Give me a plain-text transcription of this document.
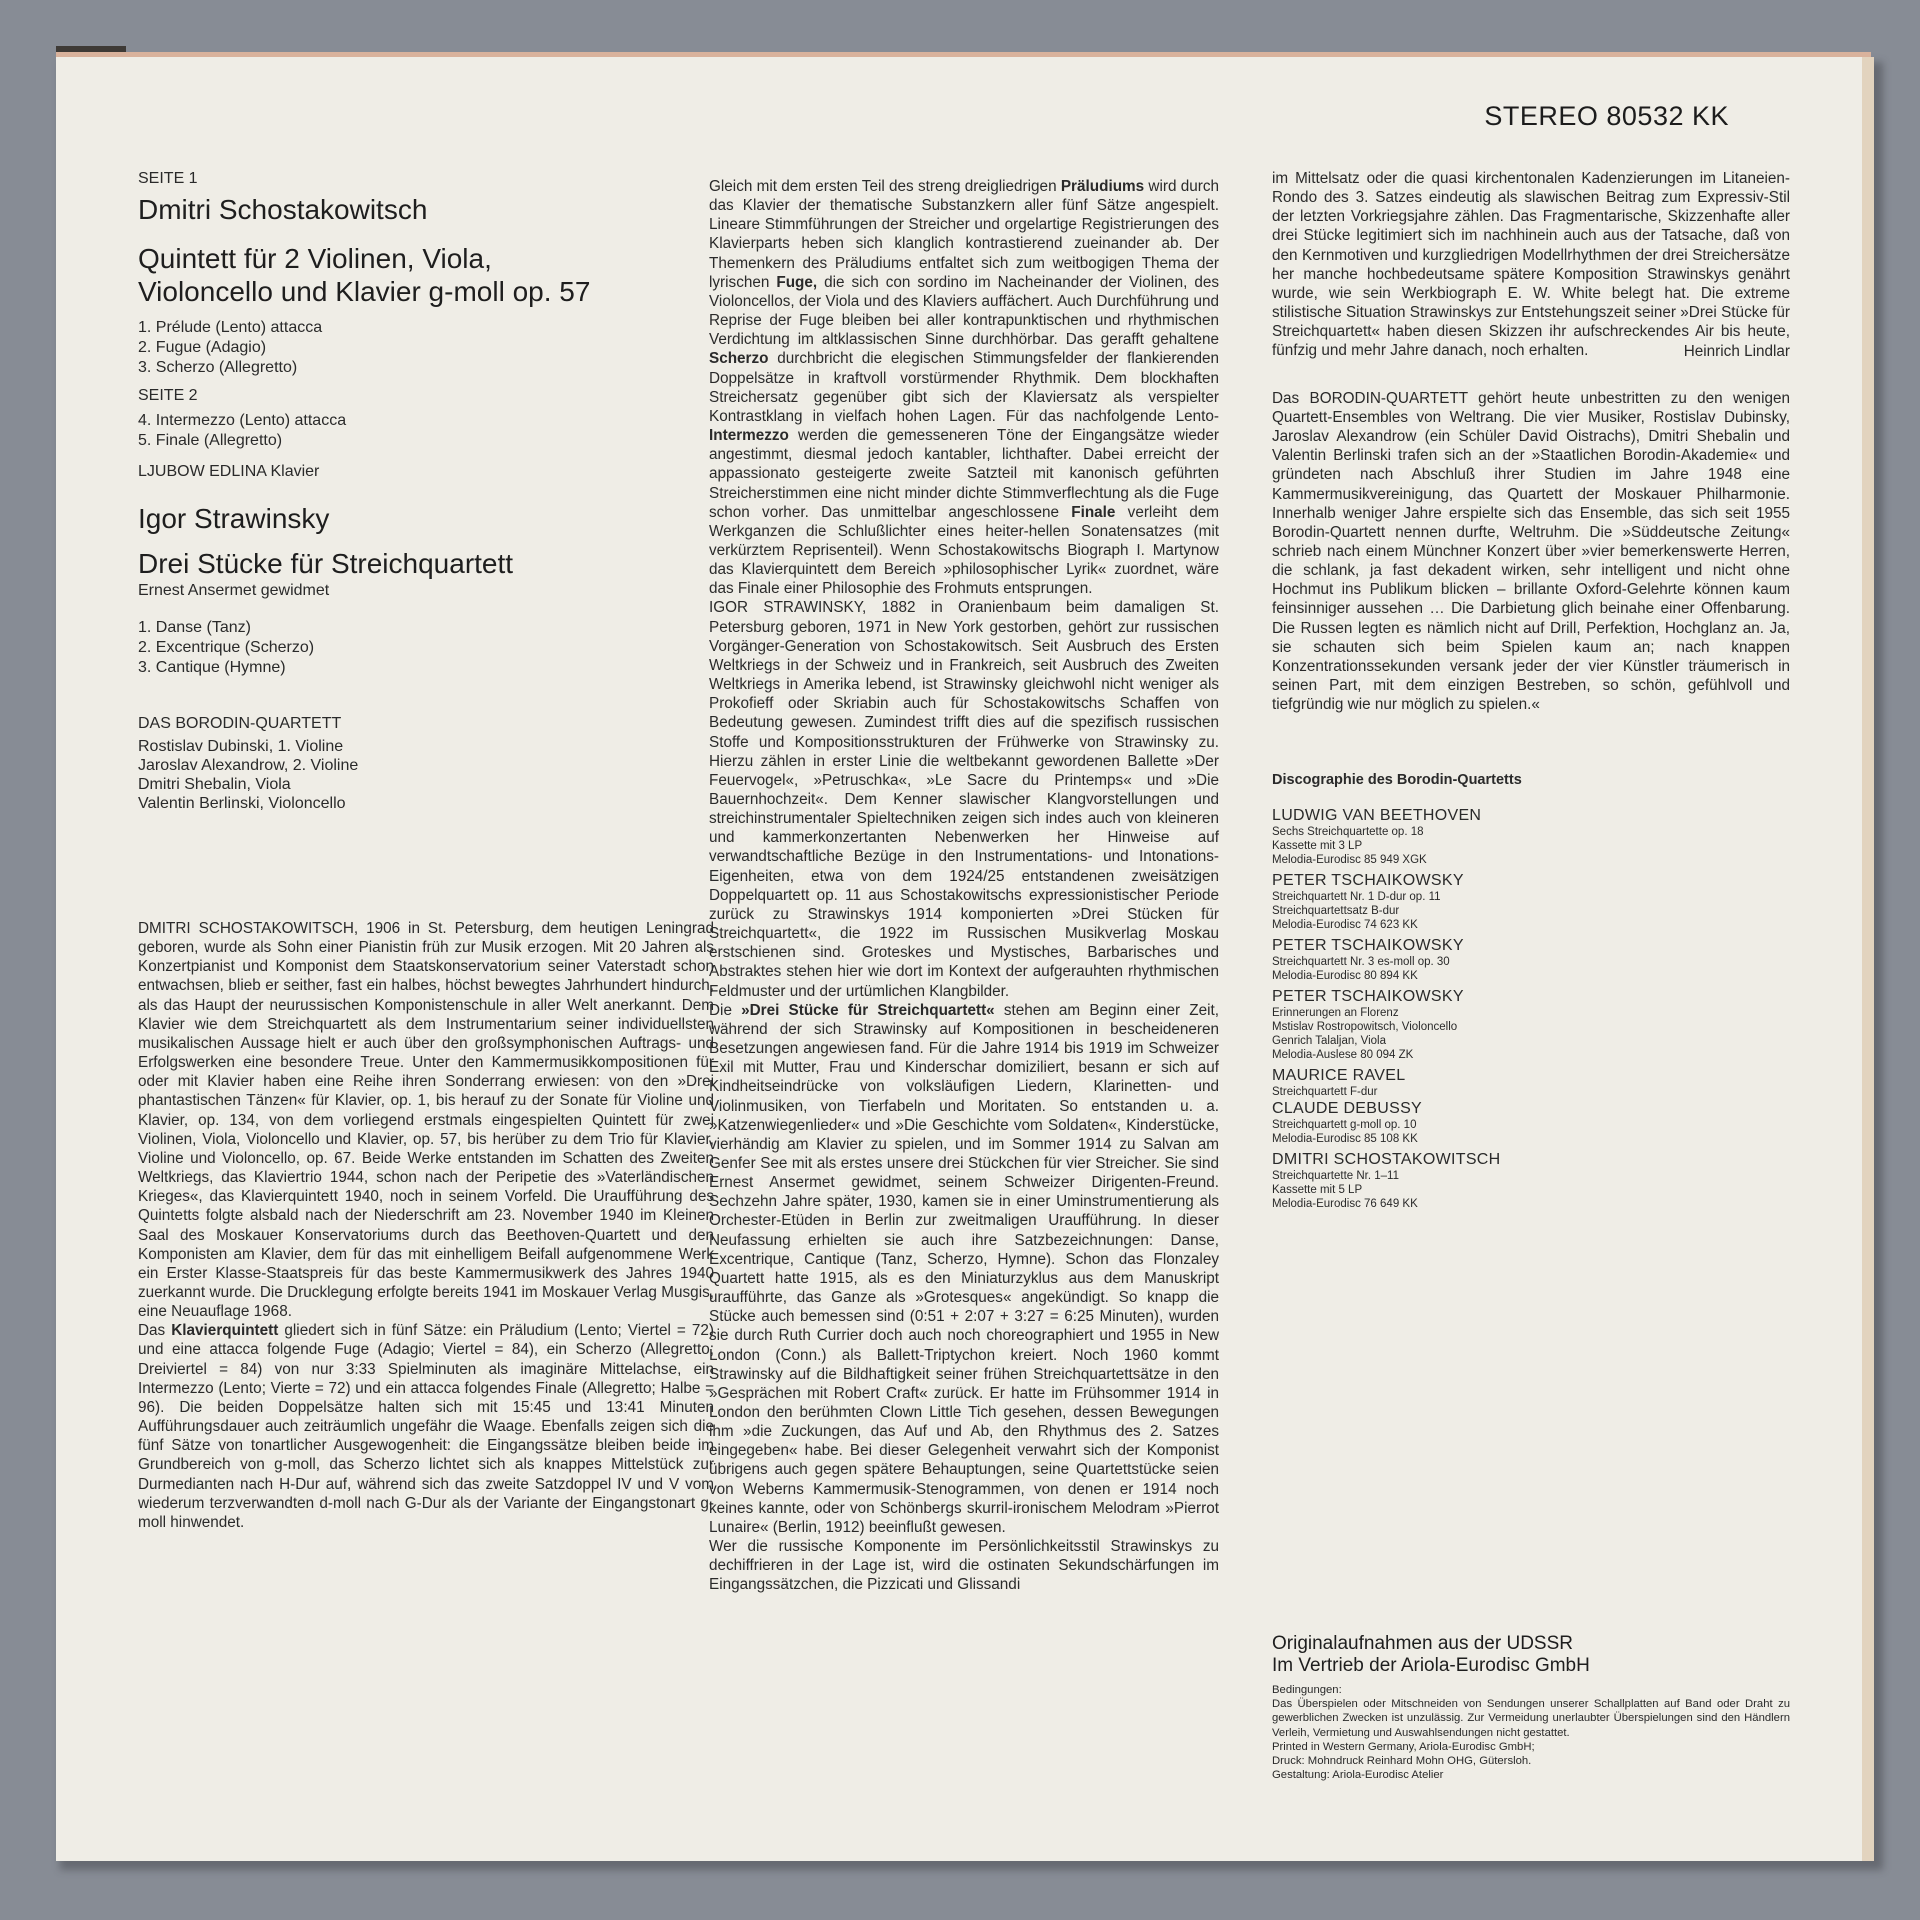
STEREO 80532 KK

SEITE 1

Dmitri Schostakowitsch
Quintett für 2 Violinen, Viola,
Violoncello und Klavier g-moll op. 57

1. Prélude (Lento) attacca

2. Fugue (Adagio)

3. Scherzo (Allegretto)

SEITE 2

4. Intermezzo (Lento) attacca

5. Finale (Allegretto)

LJUBOW EDLINA Klavier

Igor Strawinsky
Drei Stücke für Streichquartett

Ernest Ansermet gewidmet

1. Danse (Tanz)

2. Excentrique (Scherzo)

3. Cantique (Hymne)

DAS BORODIN-QUARTETT

Rostislav Dubinski, 1. Violine

Jaroslav Alexandrow, 2. Violine

Dmitri Shebalin, Viola

Valentin Berlinski, Violoncello

DMITRI SCHOSTAKOWITSCH, 1906 in St. Petersburg, dem heutigen Leningrad geboren, wurde als Sohn einer Pianistin früh zur Musik erzogen. Mit 20 Jahren als Konzertpianist und Komponist dem Staatskonservatorium seiner Vaterstadt schon entwachsen, blieb er seither, fast ein halbes, höchst bewegtes Jahrhundert hindurch, als das Haupt der neurussischen Komponistenschule in aller Welt anerkannt. Dem Klavier wie dem Streichquartett als dem Instrumentarium seiner individuellsten musikalischen Aussage hielt er auch über den großsymphonischen Auftrags- und Erfolgswerken eine besondere Treue. Unter den Kammermusikkompositionen für oder mit Klavier haben eine Reihe ihren Sonderrang erwiesen: von den »Drei phantastischen Tänzen« für Klavier, op. 1, bis herauf zu der Sonate für Violine und Klavier, op. 134, von dem vorliegend erstmals eingespielten Quintett für zwei Violinen, Viola, Violoncello und Klavier, op. 57, bis herüber zu dem Trio für Klavier, Violine und Violoncello, op. 67. Beide Werke entstanden im Schatten des Zweiten Weltkriegs, das Klaviertrio 1944, schon nach der Peripetie des »Vaterländischen Krieges«, das Klavierquintett 1940, noch in seinem Vorfeld. Die Uraufführung des Quintetts folgte alsbald nach der Niederschrift am 23. November 1940 im Kleinen Saal des Moskauer Konservatoriums durch das Beethoven-Quartett und den Komponisten am Klavier, dem für das mit einhelligem Beifall aufgenommene Werk ein Erster Klasse-Staatspreis für das beste Kammermusikwerk des Jahres 1940 zuerkannt wurde. Die Drucklegung erfolgte bereits 1941 im Moskauer Verlag Musgis, eine Neuauflage 1968.

Das Klavierquintett gliedert sich in fünf Sätze: ein Präludium (Lento; Viertel = 72) und eine attacca folgende Fuge (Adagio; Viertel = 84), ein Scherzo (Allegretto; Dreiviertel = 84) von nur 3:33 Spielminuten als imaginäre Mittelachse, ein Intermezzo (Lento; Vierte = 72) und ein attacca folgendes Finale (Allegretto; Halbe = 96). Die beiden Doppelsätze halten sich mit 15:45 und 13:41 Minuten Aufführungsdauer auch zeiträumlich ungefähr die Waage. Ebenfalls zeigen sich die fünf Sätze von tonartlicher Ausgewogenheit: die Eingangssätze bleiben beide im Grundbereich von g-moll, das Scherzo lichtet sich als knappes Mittelstück zur Durmedianten nach H-Dur auf, während sich das zweite Satzdoppel IV und V vom wiederum terzverwandten d-moll nach G-Dur als der Variante der Eingangstonart g-moll hinwendet.

Gleich mit dem ersten Teil des streng dreigliedrigen Präludiums wird durch das Klavier der thematische Substanzkern aller fünf Sätze angespielt. Lineare Stimmführungen der Streicher und orgelartige Registrierungen des Klavierparts heben sich klanglich kontrastierend zueinander ab. Der Themenkern des Präludiums entfaltet sich zum weitbogigen Thema der lyrischen Fuge, die sich con sordino im Nacheinander der Violinen, des Violoncellos, der Viola und des Klaviers auffächert. Auch Durchführung und Reprise der Fuge bleiben bei aller kontrapunktischen und rhythmischen Verdichtung im altklassischen Sinne durchhörbar. Das gerafft gehaltene Scherzo durchbricht die elegischen Stimmungsfelder der flankierenden Doppelsätze in kraftvoll vorstürmender Rhythmik. Dem blockhaften Streichersatz gegenüber gibt sich der Klaviersatz als verspielter Kontrastklang in vielfach hohen Lagen. Für das nachfolgende Lento-Intermezzo werden die gemesseneren Töne der Eingangsätze wieder angestimmt, diesmal jedoch kantabler, lichthafter. Dabei erreicht der appassionato gesteigerte zweite Satzteil mit kanonisch geführten Streicherstimmen eine nicht minder dichte Stimmverflechtung als die Fuge schon vorher. Das unmittelbar angeschlossene Finale verleiht dem Werkganzen die Schlußlichter eines heiter-hellen Sonatensatzes (mit verkürztem Reprisenteil). Wenn Schostakowitschs Biograph I. Martynow das Klavierquintett dem Bereich »philosophischer Lyrik« zuordnet, wäre das Finale einer Philosophie des Frohmuts entsprungen.

IGOR STRAWINSKY, 1882 in Oranienbaum beim damaligen St. Petersburg geboren, 1971 in New York gestorben, gehört zur russischen Vorgänger-Generation von Schostakowitsch. Seit Ausbruch des Ersten Weltkriegs in der Schweiz und in Frankreich, seit Ausbruch des Zweiten Weltkriegs in Amerika lebend, ist Strawinsky gleichwohl nicht weniger als Prokofieff oder Skriabin auch für Schostakowitschs Schaffen von Bedeutung gewesen. Zumindest trifft dies auf die spezifisch russischen Stoffe und Kompositionsstrukturen der Frühwerke von Strawinsky zu. Hierzu zählen in erster Linie die weltbekannt gewordenen Ballette »Der Feuervogel«, »Petruschka«, »Le Sacre du Printemps« und »Die Bauernhochzeit«. Dem Kenner slawischer Klangvorstellungen und streichinstrumentaler Spieltechniken zeigen sich indes auch von kleineren und kammerkonzertanten Nebenwerken her Hinweise auf verwandtschaftliche Bezüge in den Instrumentations- und Intonations-Eigenheiten, etwa von dem 1924/25 entstandenen zweisätzigen Doppelquartett op. 11 aus Schostakowitschs expressionistischer Periode zurück zu Strawinskys 1914 komponierten »Drei Stücken für Streichquartett«, die 1922 im Russischen Musikverlag Moskau erstschienen sind. Groteskes und Mystisches, Barbarisches und Abstraktes stehen hier wie dort im Kontext der aufgerauhten rhythmischen Feldmuster und der urtümlichen Klangbilder.

Die »Drei Stücke für Streichquartett« stehen am Beginn einer Zeit, während der sich Strawinsky auf Kompositionen in bescheideneren Besetzungen angewiesen fand. Für die Jahre 1914 bis 1919 im Schweizer Exil mit Mutter, Frau und Kinderschar domiziliert, besann er sich auf Kindheitseindrücke von volksläufigen Liedern, Klarinetten- und Violinmusiken, von Tierfabeln und Moritaten. So entstanden u. a. »Katzenwiegenlieder« und »Die Geschichte vom Soldaten«, Kinderstücke, vierhändig am Klavier zu spielen, und im Sommer 1914 zu Salvan am Genfer See mit als erstes unsere drei Stückchen für vier Streicher. Sie sind Ernest Ansermet gewidmet, seinem Schweizer Dirigenten-Freund. Sechzehn Jahre später, 1930, kamen sie in einer Uminstrumentierung als Orchester-Etüden in Berlin zur zweitmaligen Uraufführung. In dieser Neufassung erhielten sie auch ihre Satzbezeichnungen: Danse, Excentrique, Cantique (Tanz, Scherzo, Hymne). Schon das Flonzaley Quartett hatte 1915, als es den Miniaturzyklus aus dem Manuskript uraufführte, das Ganze als »Grotesques« angekündigt. So knapp die Stücke auch bemessen sind (0:51 + 2:07 + 3:27 = 6:25 Minuten), wurden sie durch Ruth Currier doch auch noch choreographiert und 1955 in New London (Conn.) als Ballett-Triptychon kreiert. Noch 1960 kommt Strawinsky auf die Bildhaftigkeit seiner frühen Streichquartettsätze in den »Gesprächen mit Robert Craft« zurück. Er hatte im Frühsommer 1914 in London den berühmten Clown Little Tich gesehen, dessen Bewegungen ihm »die Zuckungen, das Auf und Ab, den Rhythmus des 2. Satzes eingegeben« habe. Bei dieser Gelegenheit verwahrt sich der Komponist übrigens auch gegen spätere Behauptungen, seine Quartettstücke seien von Weberns Kammermusik-Stenogrammen, von denen er 1914 noch keines kannte, oder von Schönbergs skurril-ironischem Melodram »Pierrot Lunaire« (Berlin, 1912) beeinflußt gewesen.

Wer die russische Komponente im Persönlichkeitsstil Strawinskys zu dechiffrieren in der Lage ist, wird die ostinaten Sekundschärfungen im Eingangssätzchen, die Pizzicati und Glissandi

im Mittelsatz oder die quasi kirchentonalen Kadenzierungen im Litaneien-Rondo des 3. Satzes eindeutig als slawischen Beitrag zum Expressiv-Stil der letzten Vorkriegsjahre zählen. Das Fragmentarische, Skizzenhafte aller drei Stücke legitimiert sich im nachhinein auch aus der Tatsache, daß von den Kernmotiven und kurzgliedrigen Modellrhythmen der drei Streichersätze her manche hochbedeutsame spätere Komposition Strawinskys genährt wurde, wie sein Werkbiograph E. W. White belegt hat. Die extreme stilistische Situation Strawinskys zur Entstehungszeit seiner »Drei Stücke für Streichquartett« haben diesen Skizzen ihr aufschreckendes Air bis heute, fünfzig und mehr Jahre danach, noch erhalten.	Heinrich Lindlar

Das BORODIN-QUARTETT gehört heute unbestritten zu den wenigen Quartett-Ensembles von Weltrang. Die vier Musiker, Rostislav Dubinsky, Jaroslav Alexandrow (ein Schüler David Oistrachs), Dmitri Shebalin und Valentin Berlinski trafen sich an der »Staatlichen Borodin-Akademie« und gründeten nach Abschluß ihrer Studien im Jahre 1948 eine Kammermusikvereinigung, das Quartett der Moskauer Philharmonie. Innerhalb weniger Jahre erspielte sich das Ensemble, das sich seit 1955 Borodin-Quartett nennen durfte, Weltruhm. Die »Süddeutsche Zeitung« schrieb nach einem Münchner Konzert über »vier bemerkenswerte Herren, die schlank, ja fast dekadent wirken, sehr intelligent und nicht ohne Hochmut ins Publikum blicken – brillante Oxford-Gelehrte können kaum feinsinniger aussehen … Die Darbietung glich beinahe einer Offenbarung. Die Russen legten es nämlich nicht auf Drill, Perfektion, Hochglanz an. Ja, sie schauten sich beim Spielen kaum an; nach knappen Konzentrationssekunden versank jeder der vier Künstler träumerisch in seinen Part, mit dem einzigen Bestreben, so schön, gefühlvoll und tiefgründig wie nur möglich zu spielen.«

Discographie des Borodin-Quartetts

LUDWIG VAN BEETHOVEN

Sechs Streichquartette op. 18

Kassette mit 3 LP

Melodia-Eurodisc 85 949 XGK

PETER TSCHAIKOWSKY

Streichquartett Nr. 1 D-dur op. 11

Streichquartettsatz B-dur

Melodia-Eurodisc 74 623 KK

PETER TSCHAIKOWSKY

Streichquartett Nr. 3 es-moll op. 30

Melodia-Eurodisc 80 894 KK

PETER TSCHAIKOWSKY

Erinnerungen an Florenz

Mstislav Rostropowitsch, Violoncello

Genrich Talaljan, Viola

Melodia-Auslese 80 094 ZK

MAURICE RAVEL

Streichquartett F-dur

CLAUDE DEBUSSY

Streichquartett g-moll op. 10

Melodia-Eurodisc 85 108 KK

DMITRI SCHOSTAKOWITSCH

Streichquartette Nr. 1–11

Kassette mit 5 LP

Melodia-Eurodisc 76 649 KK

Originalaufnahmen aus der UDSSR

Im Vertrieb der Ariola-Eurodisc GmbH

Bedingungen:

Das Überspielen oder Mitschneiden von Sendungen unserer Schallplatten auf Band oder Draht zu gewerblichen Zwecken ist unzulässig. Zur Vermeidung unerlaubter Überspielungen sind den Händlern Verleih, Vermietung und Auswahlsendungen nicht gestattet.

Printed in Western Germany, Ariola-Eurodisc GmbH;

Druck: Mohndruck Reinhard Mohn OHG, Gütersloh.

Gestaltung: Ariola-Eurodisc Atelier
